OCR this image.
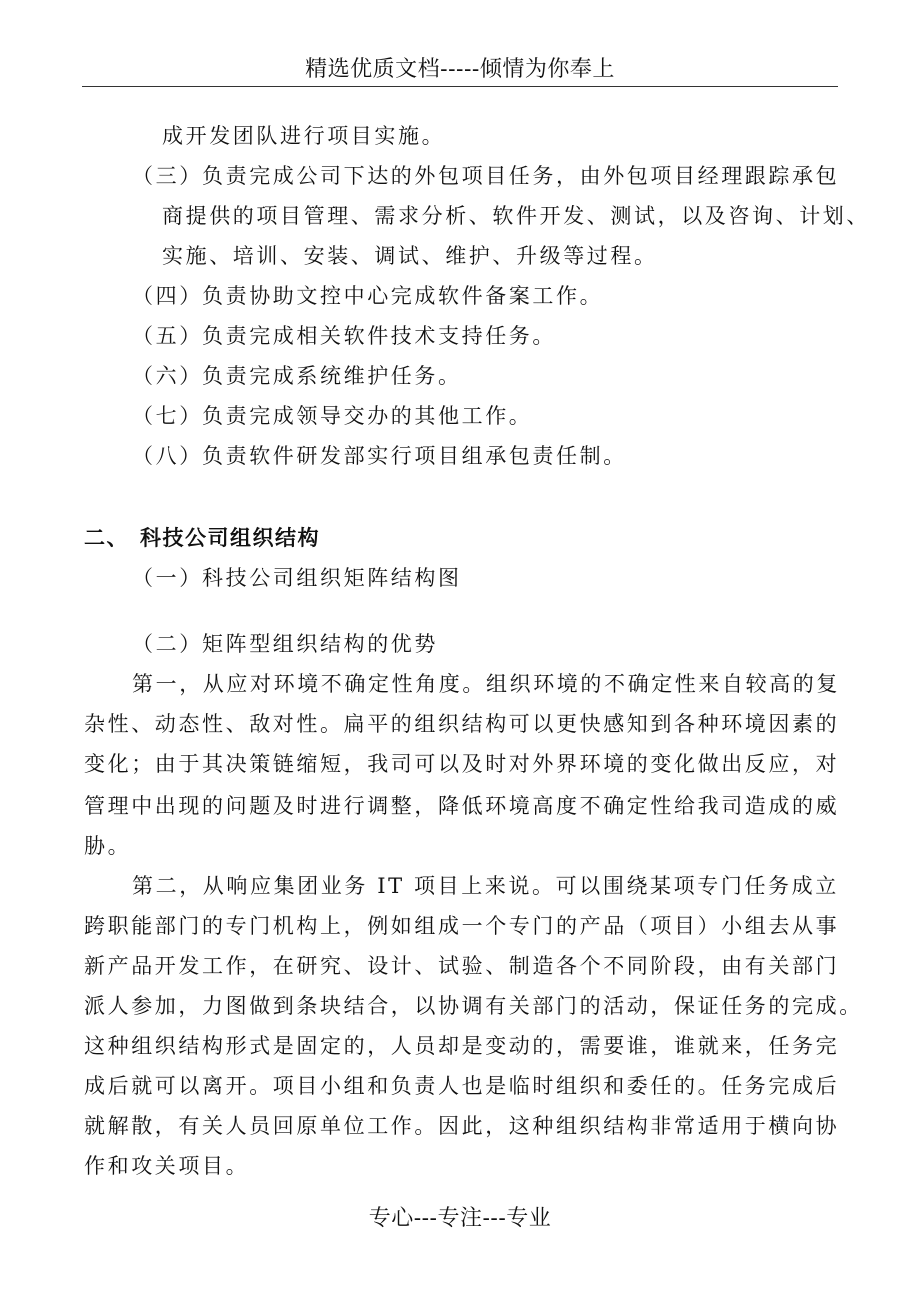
精选优质文档-----倾情为你奉上
成开发团队进行项目实施。
（三）负责完成公司下达的外包项目任务，由外包项目经理跟踪承包
商提供的项目管理、需求分析、软件开发、测试，以及咨询、计划、
实施、培训、安装、调试、维护、升级等过程。
（四）负责协助文控中心完成软件备案工作。
（五）负责完成相关软件技术支持任务。
（六）负责完成系统维护任务。
（七）负责完成领导交办的其他工作。
（八）负责软件研发部实行项目组承包责任制。
二、 科技公司组织结构
（一）科技公司组织矩阵结构图
（二）矩阵型组织结构的优势
第一，从应对环境不确定性角度。组织环境的不确定性来自较高的复
杂性、动态性、敌对性。扁平的组织结构可以更快感知到各种环境因素的
变化；由于其决策链缩短，我司可以及时对外界环境的变化做出反应，对
管理中出现的问题及时进行调整，降低环境高度不确定性给我司造成的威
胁。
第二，从响应集团业务 IT 项目上来说。可以围绕某项专门任务成立
跨职能部门的专门机构上，例如组成一个专门的产品（项目）小组去从事
新产品开发工作，在研究、设计、试验、制造各个不同阶段，由有关部门
派人参加，力图做到条块结合，以协调有关部门的活动，保证任务的完成。
这种组织结构形式是固定的，人员却是变动的，需要谁，谁就来，任务完
成后就可以离开。项目小组和负责人也是临时组织和委任的。任务完成后
就解散，有关人员回原单位工作。因此，这种组织结构非常适用于横向协
作和攻关项目。
专心---专注---专业
